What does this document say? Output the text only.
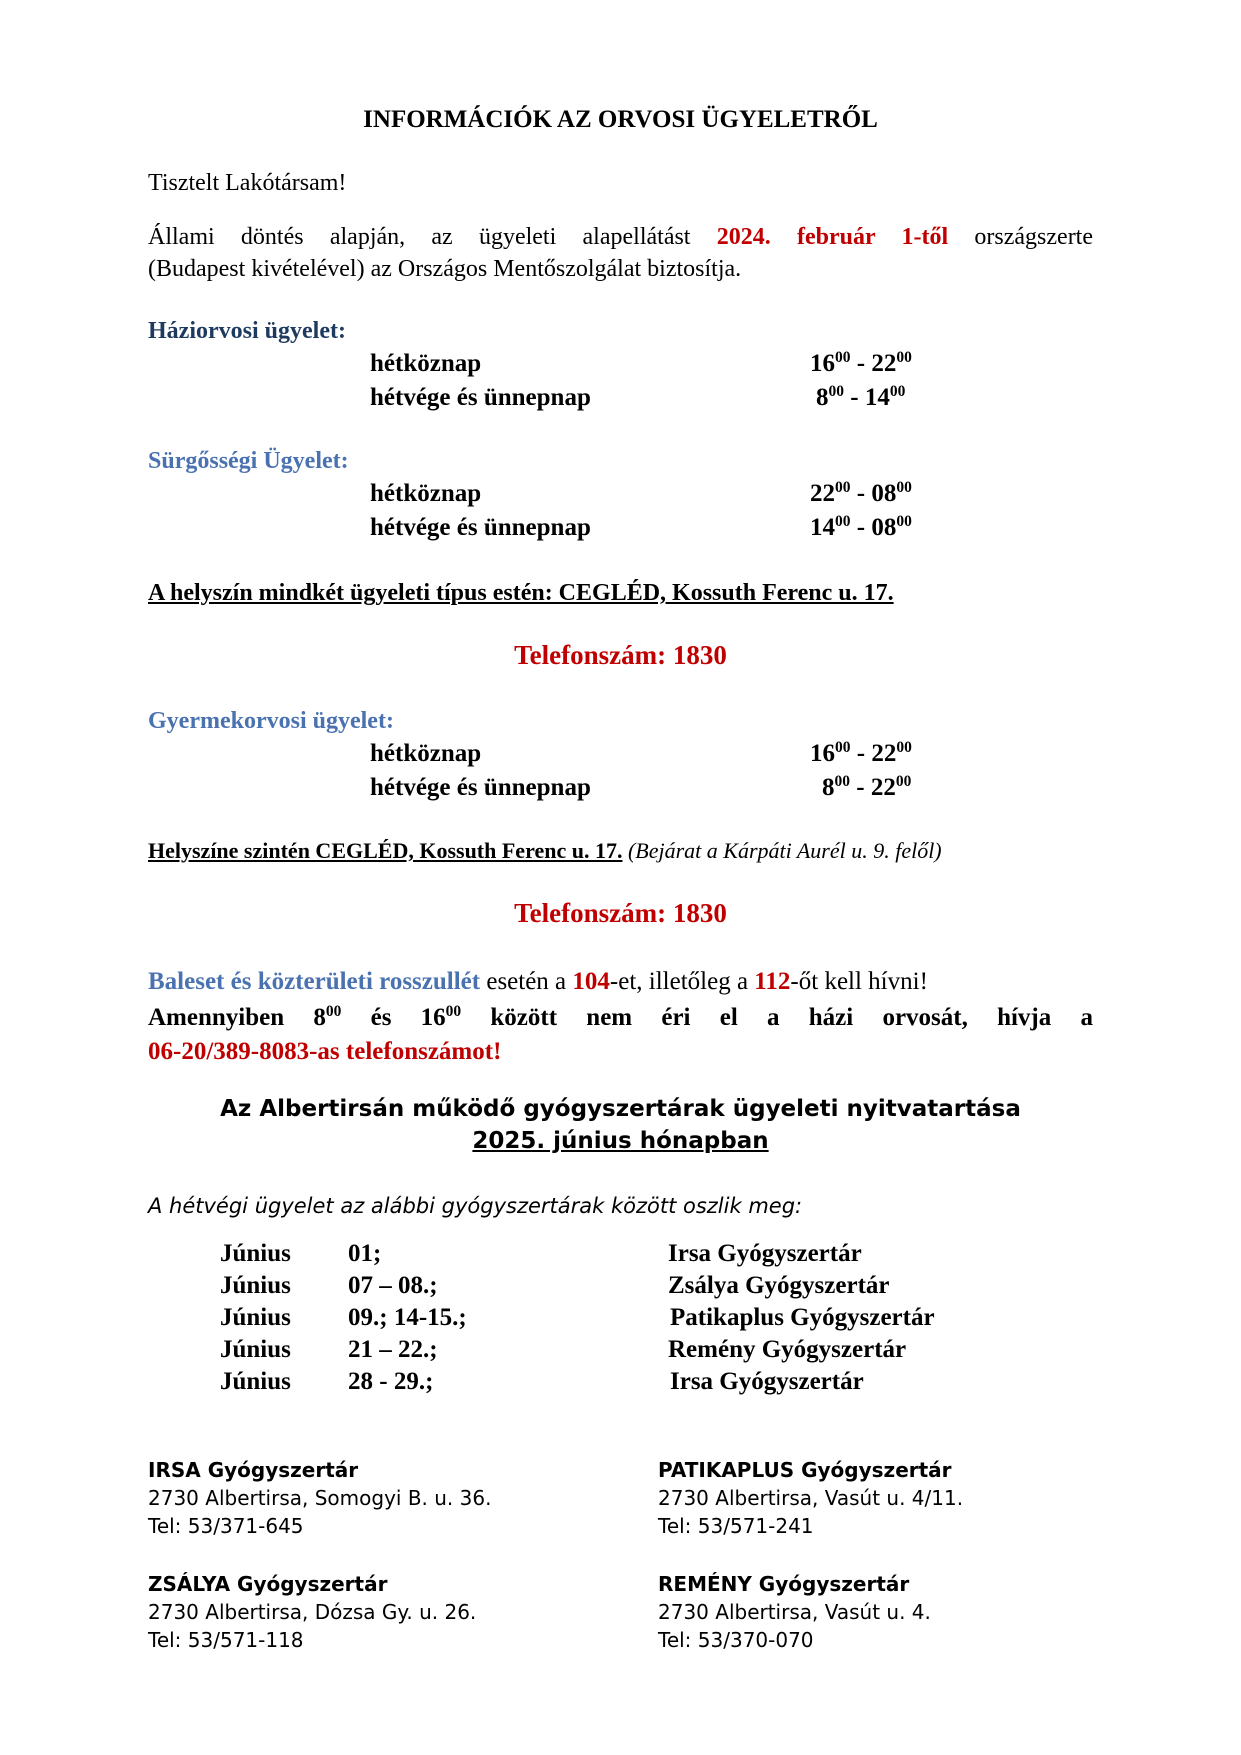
INFORMÁCIÓK AZ ORVOSI ÜGYELETRŐL
Tisztelt Lakótársam!
Állami döntés alapján, az ügyeleti alapellátást 2024. február 1-től országszerte
(Budapest kivételével) az Országos Mentőszolgálat biztosítja.
Háziorvosi ügyelet:
hétköznap	$16^{00} - 22^{00}$
hétvége és ünnepnap	$8^{00} - 14^{00}$
Sürgősségi Ügyelet:
hétköznap	$22^{00} - 08^{00}$
hétvége és ünnepnap	$14^{00} - 08^{00}$
A helyszín mindkét ügyeleti típus estén: CEGLÉD, Kossuth Ferenc u. 17.
Telefonszám: 1830
Gyermekorvosi ügyelet:
hétköznap	$16^{00} - 22^{00}$
hétvége és ünnepnap	$8^{00} - 22^{00}$
Helyszíne szintén CEGLÉD, Kossuth Ferenc u. 17. (Bejárat a Kárpáti Aurél u. 9. felől)
Telefonszám: 1830
Baleset és közterületi rosszullét esetén a 104-et, illetőleg a 112-őt kell hívni!
Amennyiben $8^{00}$ és $16^{00}$ között nem éri el a házi orvosát, hívja a
06-20/389-8083-as telefonszámot!
Az Albertirsán működő gyógyszertárak ügyeleti nyitvatartása
2025. június hónapban
A hétvégi ügyelet az alábbi gyógyszertárak között oszlik meg:
Június 01;	Irsa Gyógyszertár
Június 07 – 08.;	Zsálya Gyógyszertár
Június 09.; 14-15.;	Patikaplus Gyógyszertár
Június 21 – 22.;	Remény Gyógyszertár
Június 28 - 29.;	Irsa Gyógyszertár
IRSA Gyógyszertár
2730 Albertirsa, Somogyi B. u. 36.
Tel: 53/371-645
PATIKAPLUS Gyógyszertár
2730 Albertirsa, Vasút u. 4/11.
Tel: 53/571-241
ZSÁLYA Gyógyszertár
2730 Albertirsa, Dózsa Gy. u. 26.
Tel: 53/571-118
REMÉNY Gyógyszertár
2730 Albertirsa, Vasút u. 4.
Tel: 53/370-070
